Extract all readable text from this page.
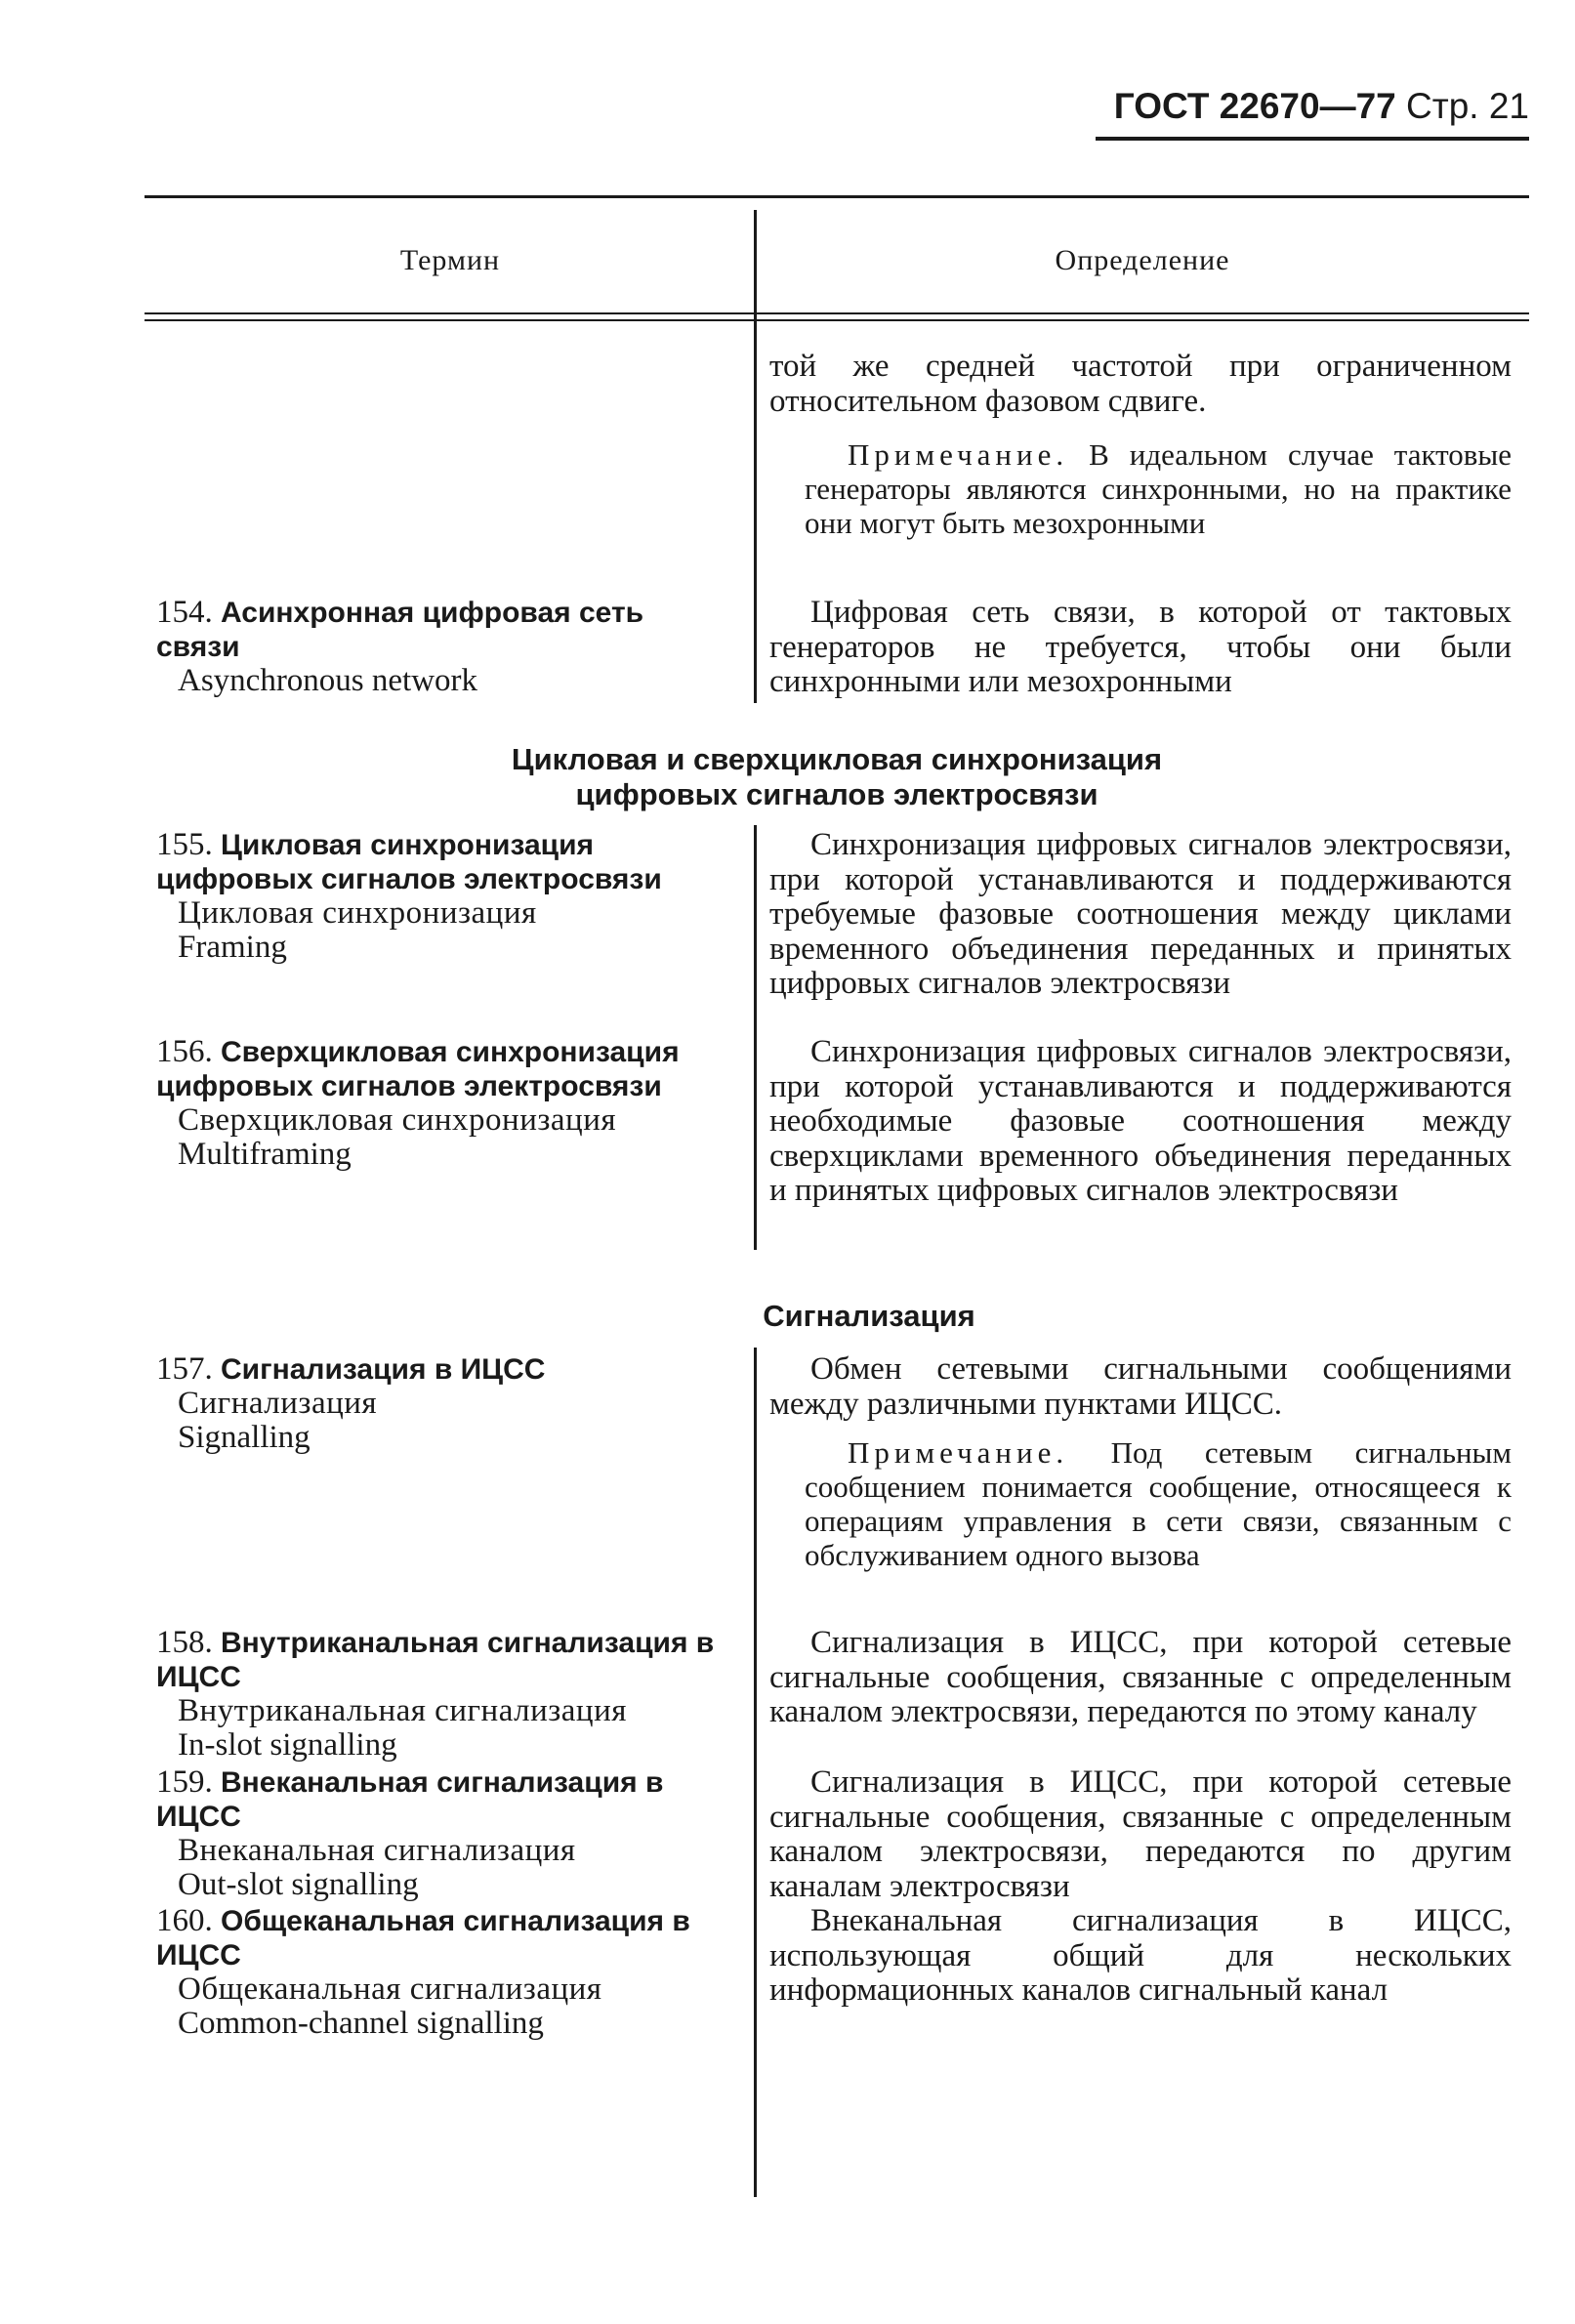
ГОСТ 22670—77 Стр. 21
Термин	Определение

той же средней частотой при ограниченном относительном фазовом сдвиге.

Примечание. В идеальном случае тактовые генераторы являются синхронными, но на практике они могут быть мезохронными

154. Асинхронная цифровая сеть связи
Asynchronous network

Цифровая сеть связи, в которой от тактовых генераторов не требуется, чтобы они были синхронными или мезохронными

Цикловая и сверхцикловая синхронизация цифровых сигналов электросвязи
155. Цикловая синхронизация цифровых сигналов электросвязи
Цикловая синхронизация
Framing

Синхронизация цифровых сигналов электросвязи, при которой устанавливаются и поддерживаются требуемые фазовые соотношения между циклами временного объединения переданных и принятых цифровых сигналов электросвязи

156. Сверхцикловая синхронизация цифровых сигналов электросвязи
Сверхцикловая синхронизация
Multiframing

Синхронизация цифровых сигналов электросвязи, при которой устанавливаются и поддерживаются необходимые фазовые соотношения между сверхциклами временного объединения переданных и принятых цифровых сигналов электросвязи

Сигнализация
157. Сигнализация в ИЦСС
Сигнализация
Signalling

Обмен сетевыми сигнальными сообщениями между различными пунктами ИЦСС.

Примечание. Под сетевым сигнальным сообщением понимается сообщение, относящееся к операциям управления в сети связи, связанным с обслуживанием одного вызова

158. Внутриканальная сигнализация в ИЦСС
Внутриканальная сигнализация
In-slot signalling

Сигнализация в ИЦСС, при которой сетевые сигнальные сообщения, связанные с определенным каналом электросвязи, передаются по этому каналу

159. Внеканальная сигнализация в ИЦСС
Внеканальная сигнализация
Out-slot signalling

Сигнализация в ИЦСС, при которой сетевые сигнальные сообщения, связанные с определенным каналом электросвязи, передаются по другим каналам электросвязи

160. Общеканальная сигнализация в ИЦСС
Общеканальная сигнализация
Common-channel signalling

Внеканальная сигнализация в ИЦСС, использующая общий для нескольких информационных каналов сигнальный канал
